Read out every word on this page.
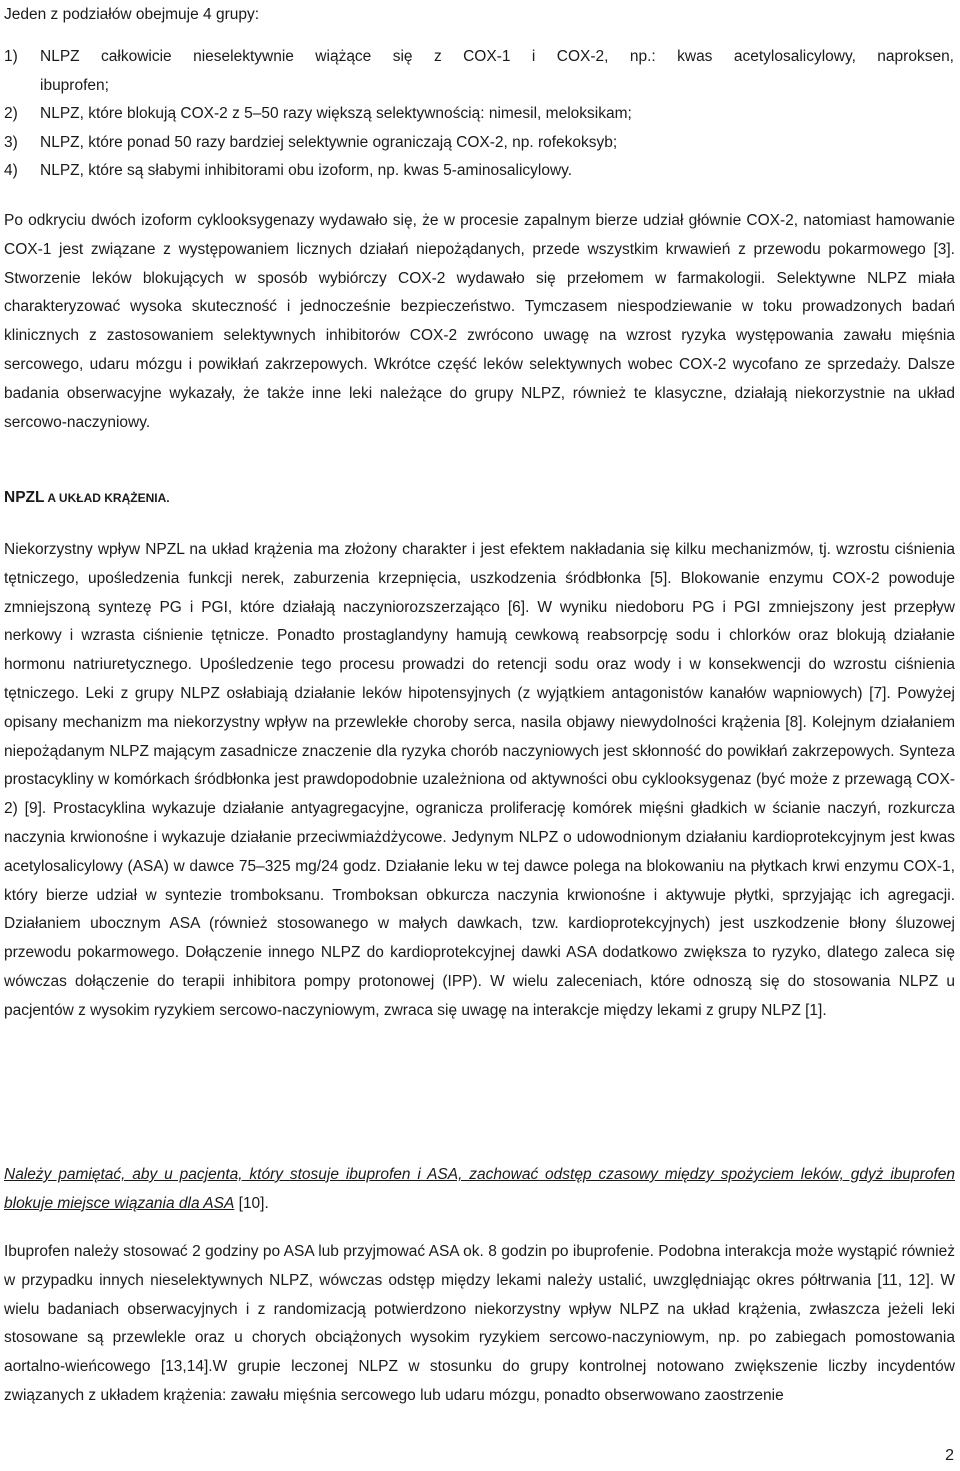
Jeden z podziałów obejmuje 4 grupy:
1)	NLPZ całkowicie nieselektywnie wiążące się z COX-1 i COX-2, np.: kwas acetylosalicylowy, naproksen,
ibuprofen;
2)	NLPZ, które blokują COX-2 z 5–50 razy większą selektywnością: nimesil, meloksikam;
3)	NLPZ, które ponad 50 razy bardziej selektywnie ograniczają COX-2, np. rofekoksyb;
4)	NLPZ, które są słabymi inhibitorami obu izoform, np. kwas 5-aminosalicylowy.

Po odkryciu dwóch izoform cyklooksygenazy wydawało się, że w procesie zapalnym bierze udział głównie COX-2, natomiast hamowanie COX-1 jest związane z występowaniem licznych działań niepożądanych, przede wszystkim krwawień z przewodu pokarmowego [3]. Stworzenie leków blokujących w sposób wybiórczy COX-2 wydawało się przełomem w farmakologii. Selektywne NLPZ miała charakteryzować wysoka skuteczność i jednocześnie bezpieczeństwo. Tymczasem niespodziewanie w toku prowadzonych badań klinicznych z zastosowaniem selektywnych inhibitorów COX-2 zwrócono uwagę na wzrost ryzyka występowania zawału mięśnia sercowego, udaru mózgu i powikłań zakrzepowych. Wkrótce część leków selektywnych wobec COX-2 wycofano ze sprzedaży. Dalsze badania obserwacyjne wykazały, że także inne leki należące do grupy NLPZ, również te klasyczne, działają niekorzystnie na układ sercowo-naczyniowy.

NPZL A UKŁAD KRĄŻENIA.

Niekorzystny wpływ NPZL na układ krążenia ma złożony charakter i jest efektem nakładania się kilku mechanizmów, tj. wzrostu ciśnienia tętniczego, upośledzenia funkcji nerek, zaburzenia krzepnięcia, uszkodzenia śródbłonka [5]. Blokowanie enzymu COX-2 powoduje zmniejszoną syntezę PG i PGI, które działają naczyniorozszerzająco [6]. W wyniku niedoboru PG i PGI zmniejszony jest przepływ nerkowy i wzrasta ciśnienie tętnicze. Ponadto prostaglandyny hamują cewkową reabsorpcję sodu i chlorków oraz blokują działanie hormonu natriuretycznego. Upośledzenie tego procesu prowadzi do retencji sodu oraz wody i w konsekwencji do wzrostu ciśnienia tętniczego. Leki z grupy NLPZ osłabiają działanie leków hipotensyjnych (z wyjątkiem antagonistów kanałów wapniowych) [7]. Powyżej opisany mechanizm ma niekorzystny wpływ na przewlekłe choroby serca, nasila objawy niewydolności krążenia [8]. Kolejnym działaniem niepożądanym NLPZ mającym zasadnicze znaczenie dla ryzyka chorób naczyniowych jest skłonność do powikłań zakrzepowych. Synteza prostacykliny w komórkach śródbłonka jest prawdopodobnie uzależniona od aktywności obu cyklooksygenaz (być może z przewagą COX-2) [9]. Prostacyklina wykazuje działanie antyagregacyjne, ogranicza proliferację komórek mięśni gładkich w ścianie naczyń, rozkurcza naczynia krwionośne i wykazuje działanie przeciwmiażdżycowe. Jedynym NLPZ o udowodnionym działaniu kardioprotekcyjnym jest kwas acetylosalicylowy (ASA) w dawce 75–325 mg/24 godz. Działanie leku w tej dawce polega na blokowaniu na płytkach krwi enzymu COX-1, który bierze udział w syntezie tromboksanu. Tromboksan obkurcza naczynia krwionośne i aktywuje płytki, sprzyjając ich agregacji. Działaniem ubocznym ASA (również stosowanego w małych dawkach, tzw. kardioprotekcyjnych) jest uszkodzenie błony śluzowej przewodu pokarmowego. Dołączenie innego NLPZ do kardioprotekcyjnej dawki ASA dodatkowo zwiększa to ryzyko, dlatego zaleca się wówczas dołączenie do terapii inhibitora pompy protonowej (IPP). W wielu zaleceniach, które odnoszą się do stosowania NLPZ u pacjentów z wysokim ryzykiem sercowo-naczyniowym, zwraca się uwagę na interakcje między lekami z grupy NLPZ [1].

Należy pamiętać, aby u pacjenta, który stosuje ibuprofen i ASA, zachować odstęp czasowy między spożyciem leków, gdyż ibuprofen blokuje miejsce wiązania dla ASA [10].

Ibuprofen należy stosować 2 godziny po ASA lub przyjmować ASA ok. 8 godzin po ibuprofenie. Podobna interakcja może wystąpić również w przypadku innych nieselektywnych NLPZ, wówczas odstęp między lekami należy ustalić, uwzględniając okres półtrwania [11, 12]. W wielu badaniach obserwacyjnych i z randomizacją potwierdzono niekorzystny wpływ NLPZ na układ krążenia, zwłaszcza jeżeli leki stosowane są przewlekle oraz u chorych obciążonych wysokim ryzykiem sercowo-naczyniowym, np. po zabiegach pomostowania aortalno-wieńcowego [13,14].W grupie leczonej NLPZ w stosunku do grupy kontrolnej notowano zwiększenie liczby incydentów związanych z układem krążenia: zawału mięśnia sercowego lub udaru mózgu, ponadto obserwowano zaostrzenie

2
